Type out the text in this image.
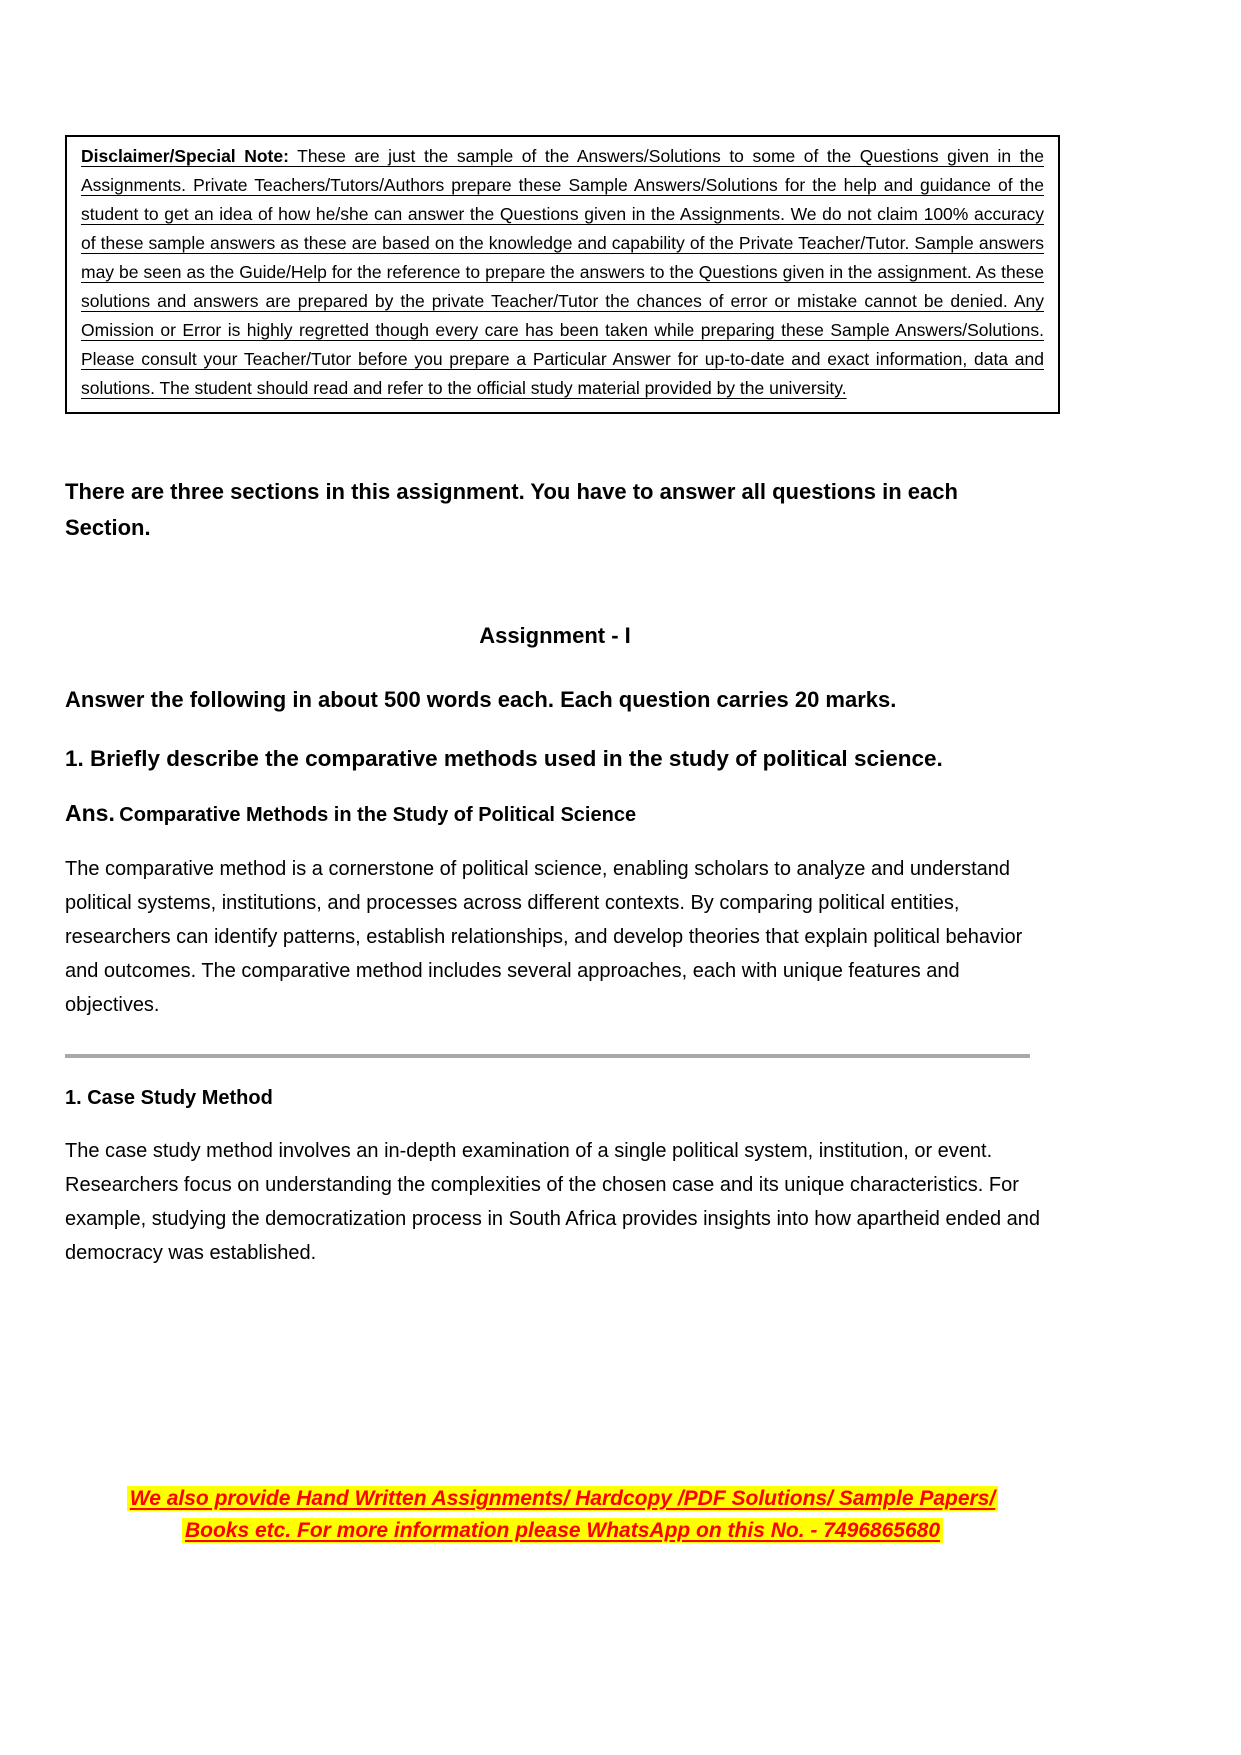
Disclaimer/Special Note: These are just the sample of the Answers/Solutions to some of the Questions given in the Assignments. Private Teachers/Tutors/Authors prepare these Sample Answers/Solutions for the help and guidance of the student to get an idea of how he/she can answer the Questions given in the Assignments. We do not claim 100% accuracy of these sample answers as these are based on the knowledge and capability of the Private Teacher/Tutor. Sample answers may be seen as the Guide/Help for the reference to prepare the answers to the Questions given in the assignment. As these solutions and answers are prepared by the private Teacher/Tutor the chances of error or mistake cannot be denied. Any Omission or Error is highly regretted though every care has been taken while preparing these Sample Answers/Solutions. Please consult your Teacher/Tutor before you prepare a Particular Answer for up-to-date and exact information, data and solutions. The student should read and refer to the official study material provided by the university.

There are three sections in this assignment. You have to answer all questions in each Section.

Assignment - I

Answer the following in about 500 words each. Each question carries 20 marks.

1. Briefly describe the comparative methods used in the study of political science.

Ans. Comparative Methods in the Study of Political Science

The comparative method is a cornerstone of political science, enabling scholars to analyze and understand political systems, institutions, and processes across different contexts. By comparing political entities, researchers can identify patterns, establish relationships, and develop theories that explain political behavior and outcomes. The comparative method includes several approaches, each with unique features and objectives.

1. Case Study Method

The case study method involves an in-depth examination of a single political system, institution, or event. Researchers focus on understanding the complexities of the chosen case and its unique characteristics. For example, studying the democratization process in South Africa provides insights into how apartheid ended and democracy was established.

We also provide Hand Written Assignments/ Hardcopy /PDF Solutions/ Sample Papers/
Books etc. For more information please WhatsApp on this No. - 7496865680
